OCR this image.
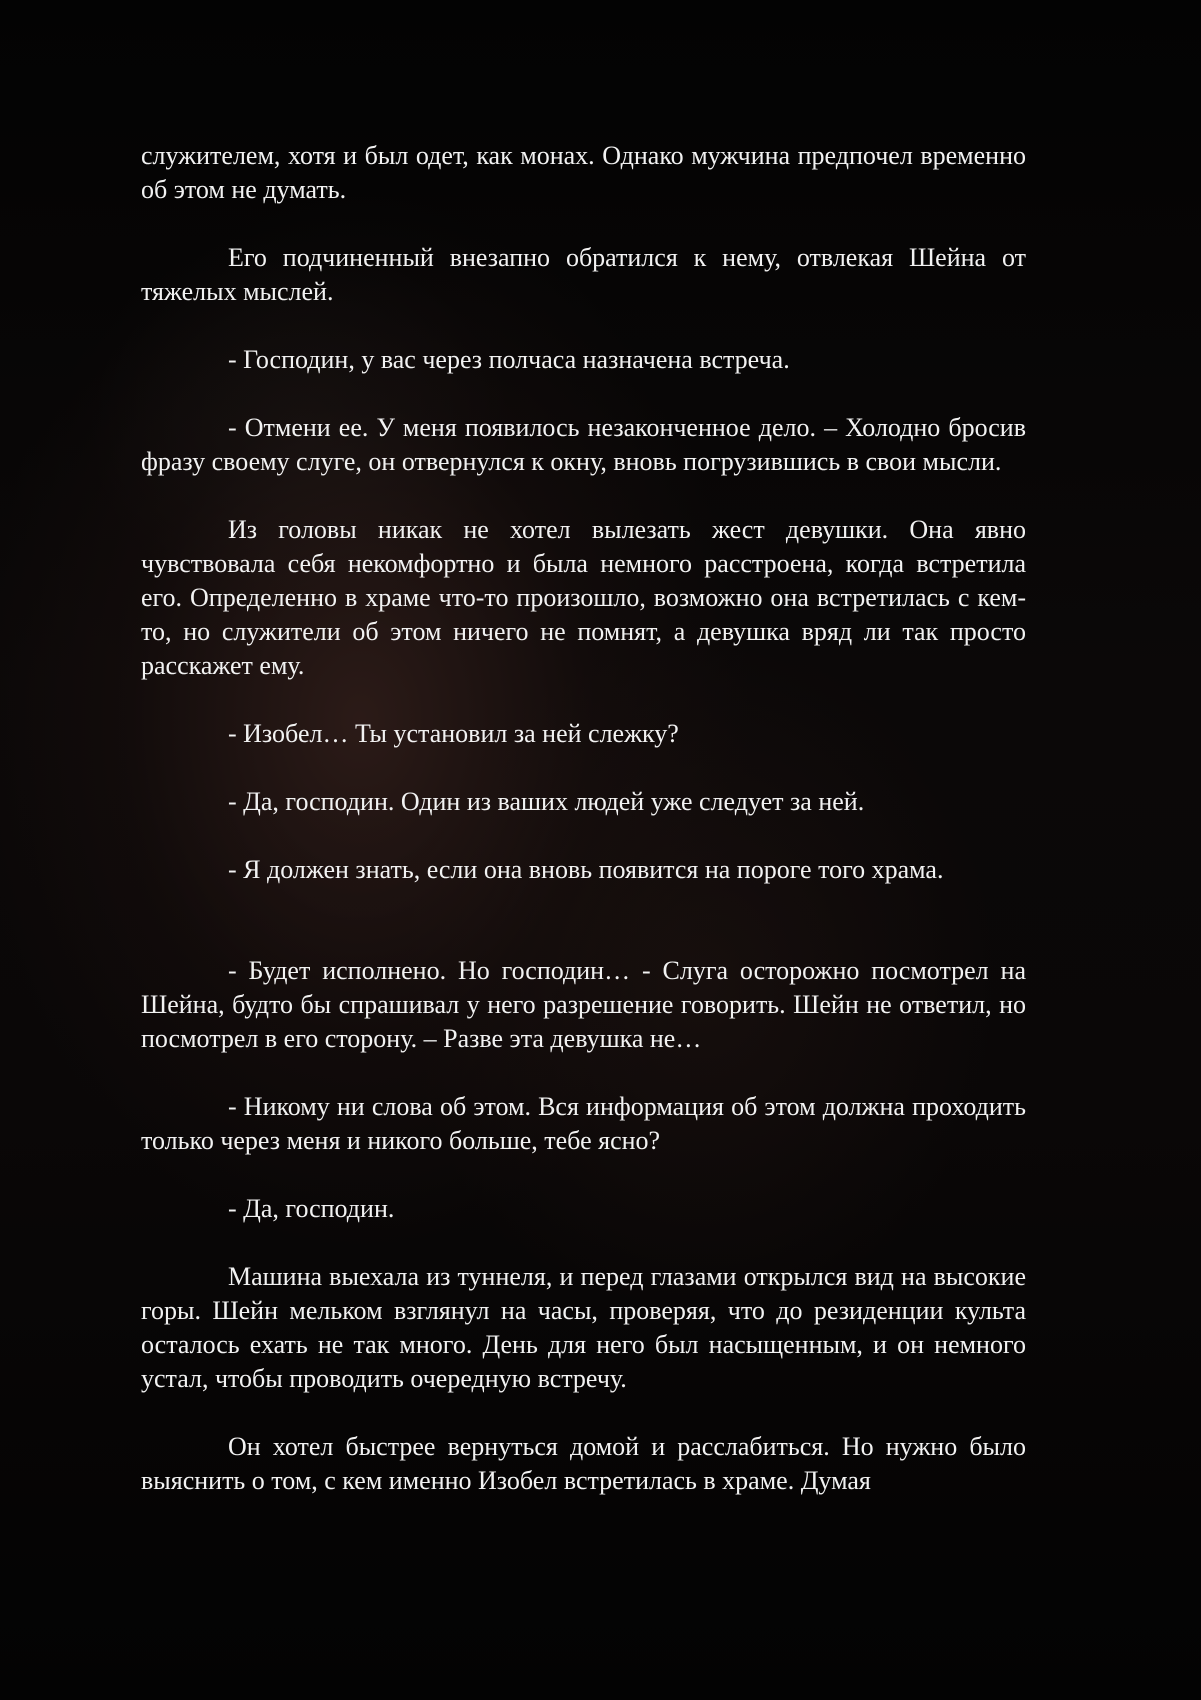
служителем, хотя и был одет, как монах. Однако мужчина предпочел временно об этом не думать.

Его подчиненный внезапно обратился к нему, отвлекая Шейна от тяжелых мыслей.

- Господин, у вас через полчаса назначена встреча.

- Отмени ее. У меня появилось незаконченное дело. – Холодно бросив фразу своему слуге, он отвернулся к окну, вновь погрузившись в свои мысли.

Из головы никак не хотел вылезать жест девушки. Она явно чувствовала себя некомфортно и была немного расстроена, когда встретила его. Определенно в храме что-то произошло, возможно она встретилась с кем-то, но служители об этом ничего не помнят, а девушка вряд ли так просто расскажет ему.

- Изобел… Ты установил за ней слежку?

- Да, господин. Один из ваших людей уже следует за ней.

- Я должен знать, если она вновь появится на пороге того храма.

- Будет исполнено. Но господин… - Слуга осторожно посмотрел на Шейна, будто бы спрашивал у него разрешение говорить. Шейн не ответил, но посмотрел в его сторону. – Разве эта девушка не…

- Никому ни слова об этом. Вся информация об этом должна проходить только через меня и никого больше, тебе ясно?

- Да, господин.

Машина выехала из туннеля, и перед глазами открылся вид на высокие горы. Шейн мельком взглянул на часы, проверяя, что до резиденции культа осталось ехать не так много. День для него был насыщенным, и он немного устал, чтобы проводить очередную встречу.

Он хотел быстрее вернуться домой и расслабиться. Но нужно было выяснить о том, с кем именно Изобел встретилась в храме. Думая
